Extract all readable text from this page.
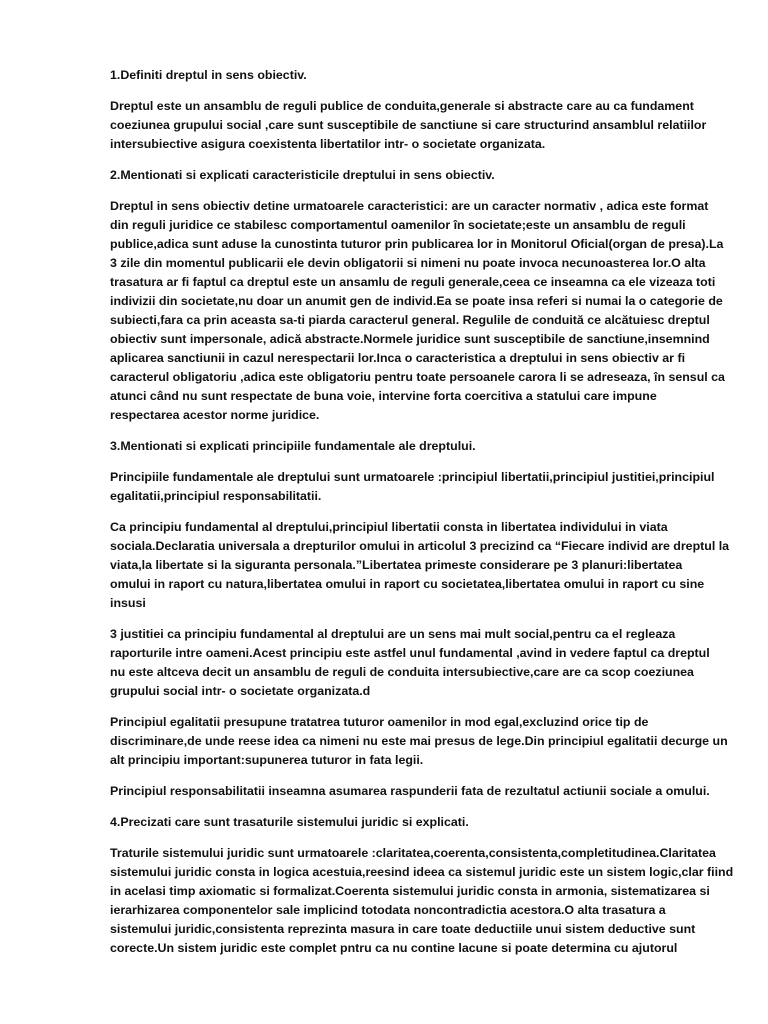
1.Definiti dreptul in sens obiectiv.

Dreptul este un ansamblu de reguli publice de conduita,generale si abstracte care au ca fundament
coeziunea grupului social ,care sunt susceptibile de sanctiune si care structurind ansamblul relatiilor
intersubiective asigura coexistenta libertatilor intr- o societate organizata.

2.Mentionati si explicati caracteristicile dreptului in sens obiectiv.

Dreptul in sens obiectiv detine urmatoarele caracteristici: are un caracter normativ , adica este format
din reguli juridice ce stabilesc comportamentul oamenilor în societate;este un ansamblu de reguli
publice,adica sunt aduse la cunostinta tuturor prin publicarea lor in Monitorul Oficial(organ de presa).La
3 zile din momentul publicarii ele devin obligatorii si nimeni nu poate invoca necunoasterea lor.O alta
trasatura ar fi faptul ca dreptul este un ansamlu de reguli generale,ceea ce inseamna ca ele vizeaza toti
indivizii din societate,nu doar un anumit gen de individ.Ea se poate insa referi si numai la o categorie de
subiecti,fara ca prin aceasta sa-ti piarda caracterul general. Regulile de conduită ce alcătuiesc dreptul
obiectiv sunt impersonale, adică abstracte.Normele juridice sunt susceptibile de sanctiune,insemnind
aplicarea sanctiunii in cazul nerespectarii lor.Inca o caracteristica a dreptului in sens obiectiv ar fi
caracterul obligatoriu ,adica este obligatoriu pentru toate persoanele carora li se adreseaza, în sensul ca
atunci când nu sunt respectate de buna voie, intervine forta coercitiva a statului care impune
respectarea acestor norme juridice.

3.Mentionati si explicati principiile fundamentale ale dreptului.

Principiile fundamentale ale dreptului sunt urmatoarele :principiul libertatii,principiul justitiei,principiul
egalitatii,principiul responsabilitatii.

Ca principiu fundamental al dreptului,principiul libertatii consta in libertatea individului in viata
sociala.Declaratia universala a drepturilor omului in articolul 3 precizind ca “Fiecare individ are dreptul la
viata,la libertate si la siguranta personala.”Libertatea primeste considerare pe 3 planuri:libertatea
omului in raport cu natura,libertatea omului in raport cu societatea,libertatea omului in raport cu sine
insusi

3 justitiei ca principiu fundamental al dreptului are un sens mai mult social,pentru ca el regleaza
raporturile intre oameni.Acest principiu este astfel unul fundamental ,avind in vedere faptul ca dreptul
nu este altceva decit un ansamblu de reguli de conduita intersubiective,care are ca scop coeziunea
grupului social intr- o societate organizata.d

Principiul egalitatii presupune tratatrea tuturor oamenilor in mod egal,excluzind orice tip de
discriminare,de unde reese idea ca nimeni nu este mai presus de lege.Din principiul egalitatii decurge un
alt principiu important:supunerea tuturor in fata legii.

Principiul responsabilitatii inseamna asumarea raspunderii fata de rezultatul actiunii sociale a omului.

4.Precizati care sunt trasaturile sistemului juridic si explicati.

Traturile sistemului juridic sunt urmatoarele :claritatea,coerenta,consistenta,completitudinea.Claritatea
sistemului juridic consta in logica acestuia,reesind ideea ca sistemul juridic este un sistem logic,clar fiind
in acelasi timp axiomatic si formalizat.Coerenta sistemului juridic consta in armonia, sistematizarea si
ierarhizarea componentelor sale implicind totodata noncontradictia acestora.O alta trasatura a
sistemului juridic,consistenta reprezinta masura in care toate deductiile unui sistem deductive sunt
corecte.Un sistem juridic este complet pntru ca nu contine lacune si poate determina cu ajutorul
